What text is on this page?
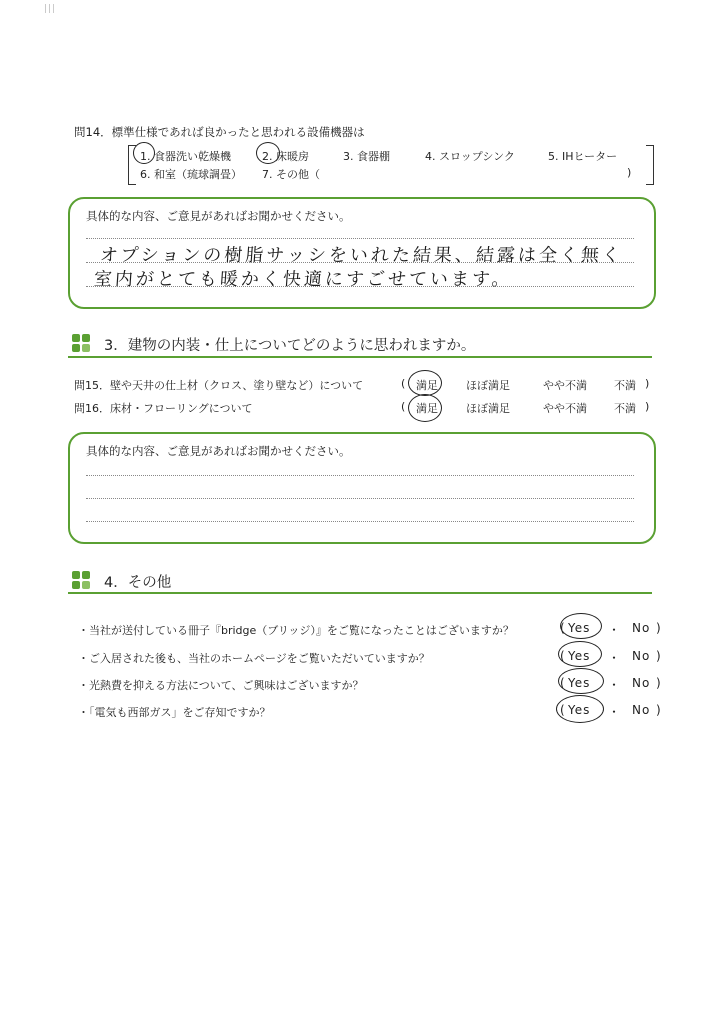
|||
問14．標準仕様であれば良かったと思われる設備機器は
1. 食器洗い乾燥機	2. 床暖房	3. 食器棚	4. スロップシンク	5. IHヒーター
6. 和室（琉球調畳） 7. その他（	)
具体的な内容、ご意見があればお聞かせください。
オプションの樹脂サッシをいれた結果、結露は全く無く
室内がとても暖かく快適にすごせています。
3．建物の内装・仕上についてどのように思われますか。
問15．壁や天井の仕上材（クロス、塗り壁など）について	( 満足	ほぼ満足	やや不満 不満 )
問16．床材・フローリングについて	( 満足	ほぼ満足	やや不満 不満 )
具体的な内容、ご意見があればお聞かせください。
4．その他
・当社が送付している冊子『bridge（ブリッジ）』をご覧になったことはございますか？	( Yes ・ No )
・ご入居された後も、当社のホームページをご覧いただいていますか？	( Yes ・ No )
・光熱費を抑える方法について、ご興味はございますか？	( Yes ・ No )
・「電気も西部ガス」をご存知ですか？	( Yes ・ No )
